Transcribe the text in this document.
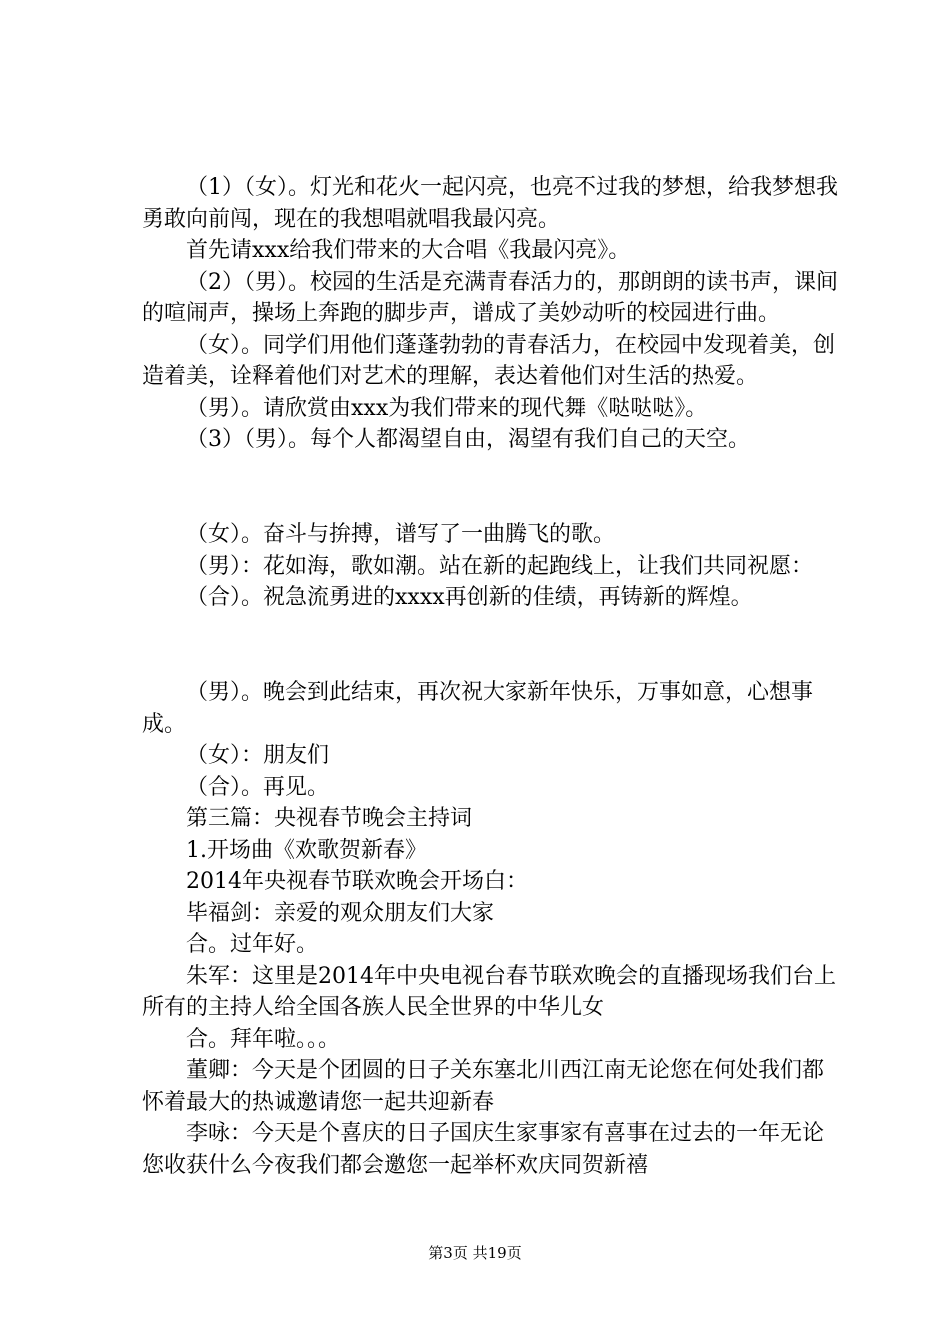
（1）（女）。灯光和花火一起闪亮，也亮不过我的梦想，给我梦想我勇敢向前闯，现在的我想唱就唱我最闪亮。

首先请xxx给我们带来的大合唱《我最闪亮》。

（2）（男）。校园的生活是充满青春活力的，那朗朗的读书声，课间的喧闹声，操场上奔跑的脚步声，谱成了美妙动听的校园进行曲。

（女）。同学们用他们蓬蓬勃勃的青春活力，在校园中发现着美，创造着美，诠释着他们对艺术的理解，表达着他们对生活的热爱。

（男）。请欣赏由xxx为我们带来的现代舞《哒哒哒》。

（3）（男）。每个人都渴望自由，渴望有我们自己的天空。

（女）。奋斗与拚搏，谱写了一曲腾飞的歌。

（男）：花如海，歌如潮。站在新的起跑线上，让我们共同祝愿：

（合）。祝急流勇进的xxxx再创新的佳绩，再铸新的辉煌。

（男）。晚会到此结束，再次祝大家新年快乐，万事如意，心想事成。

（女）：朋友们

（合）。再见。

第三篇：央视春节晚会主持词

1.开场曲《欢歌贺新春》

2014年央视春节联欢晚会开场白：

毕福剑：亲爱的观众朋友们大家

合。过年好。

朱军：这里是2014年中央电视台春节联欢晚会的直播现场我们台上所有的主持人给全国各族人民全世界的中华儿女

合。拜年啦。。。

董卿：今天是个团圆的日子关东塞北川西江南无论您在何处我们都怀着最大的热诚邀请您一起共迎新春

李咏：今天是个喜庆的日子国庆生家事家有喜事在过去的一年无论您收获什么今夜我们都会邀您一起举杯欢庆同贺新禧

第3页 共19页
